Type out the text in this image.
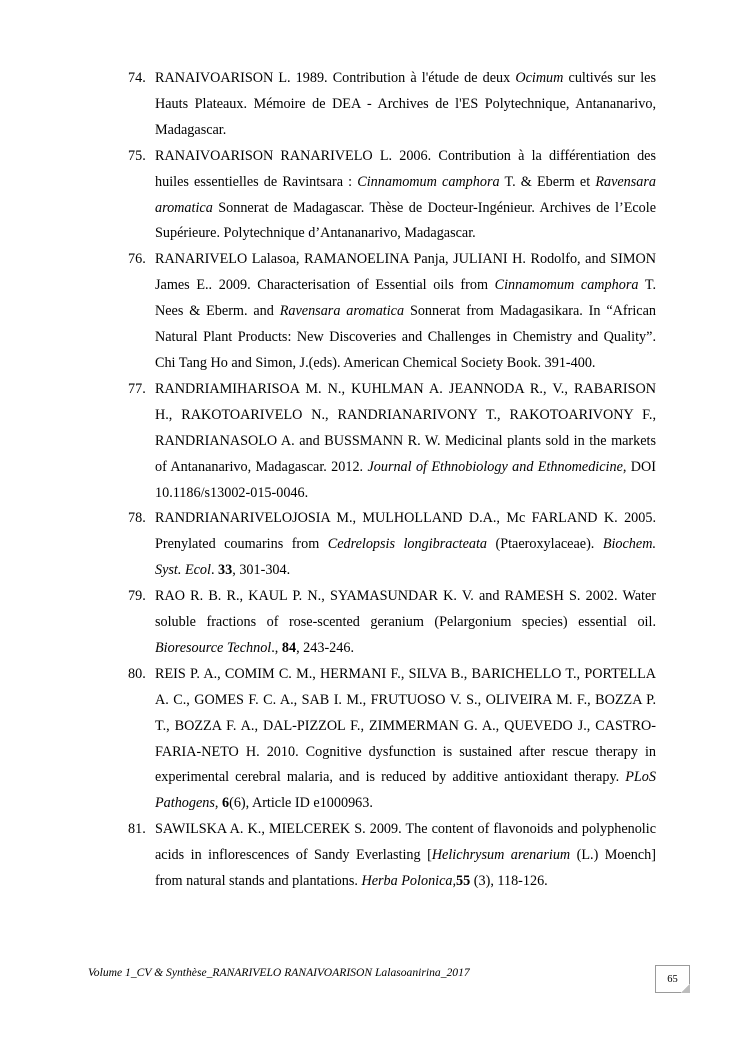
74. RANAIVOARISON L. 1989. Contribution à l'étude de deux Ocimum cultivés sur les Hauts Plateaux. Mémoire de DEA - Archives de l'ES Polytechnique, Antananarivo, Madagascar.
75. RANAIVOARISON RANARIVELO L. 2006. Contribution à la différentiation des huiles essentielles de Ravintsara : Cinnamomum camphora T. & Eberm et Ravensara aromatica Sonnerat de Madagascar. Thèse de Docteur-Ingénieur. Archives de l’Ecole Supérieure. Polytechnique d’Antananarivo, Madagascar.
76. RANARIVELO Lalasoa, RAMANOELINA Panja, JULIANI H. Rodolfo, and SIMON James E.. 2009. Characterisation of Essential oils from Cinnamomum camphora T. Nees & Eberm. and Ravensara aromatica Sonnerat from Madagasikara. In “African Natural Plant Products: New Discoveries and Challenges in Chemistry and Quality”. Chi Tang Ho and Simon, J.(eds). American Chemical Society Book. 391-400.
77. RANDRIAMIHARISOA M. N., KUHLMAN A. JEANNODA R., V., RABARISON H., RAKOTOARIVELO N., RANDRIANARIVONY T., RAKOTOARIVONY F., RANDRIANASOLO A. and BUSSMANN R. W. Medicinal plants sold in the markets of Antananarivo, Madagascar. 2012. Journal of Ethnobiology and Ethnomedicine, DOI 10.1186/s13002-015-0046.
78. RANDRIANARIVELOJOSIA M., MULHOLLAND D.A., Mc FARLAND K. 2005. Prenylated coumarins from Cedrelopsis longibracteata (Ptaeroxylaceae). Biochem. Syst. Ecol. 33, 301-304.
79. RAO R. B. R., KAUL P. N., SYAMASUNDAR K. V. and RAMESH S. 2002. Water soluble fractions of rose-scented geranium (Pelargonium species) essential oil. Bioresource Technol., 84, 243-246.
80. REIS P. A., COMIM C. M., HERMANI F., SILVA B., BARICHELLO T., PORTELLA A. C., GOMES F. C. A., SAB I. M., FRUTUOSO V. S., OLIVEIRA M. F., BOZZA P. T., BOZZA F. A., DAL-PIZZOL F., ZIMMERMAN G. A., QUEVEDO J., CASTRO-FARIA-NETO H. 2010. Cognitive dysfunction is sustained after rescue therapy in experimental cerebral malaria, and is reduced by additive antioxidant therapy. PLoS Pathogens, 6(6), Article ID e1000963.
81. SAWILSKA A. K., MIELCEREK S. 2009. The content of flavonoids and polyphenolic acids in inflorescences of Sandy Everlasting [Helichrysum arenarium (L.) Moench] from natural stands and plantations. Herba Polonica,55 (3), 118-126.
Volume 1_CV & Synthèse_RANARIVELO RANAIVOARISON Lalasoanirina_2017	65
